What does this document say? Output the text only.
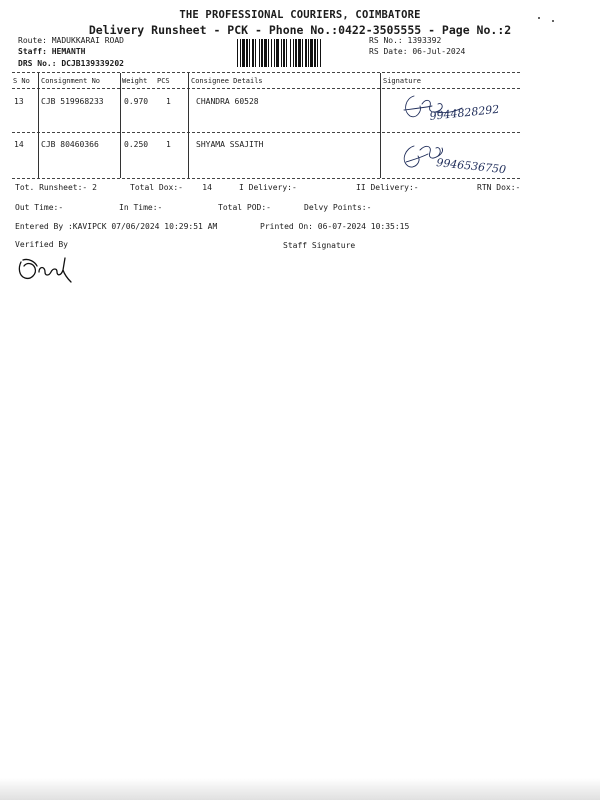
THE PROFESSIONAL COURIERS, COIMBATORE
Delivery Runsheet - PCK - Phone No.:0422-3505555 - Page No.:2
Route: MADUKKARAI ROAD
Staff: HEMANTH
DRS No.: DCJB139339202
RS No.: 1393392
RS Date: 06-Jul-2024
S No Consignment No	Weight PCS	Consignee Details	Signature
13 CJB 519968233	0.970 1	CHANDRA 60528
9944828292
14 CJB 80460366	0.250 1	SHYAMA SSAJITH
9946536750
Tot. Runsheet:- 2	Total Dox:- 14	I Delivery:-	II Delivery:-	RTN Dox:-
Out Time:-	In Time:-	Total POD:-	Delvy Points:-
Entered By :KAVIPCK 07/06/2024 10:29:51 AM	Printed On: 06-07-2024 10:35:15
Verified By	Staff Signature
